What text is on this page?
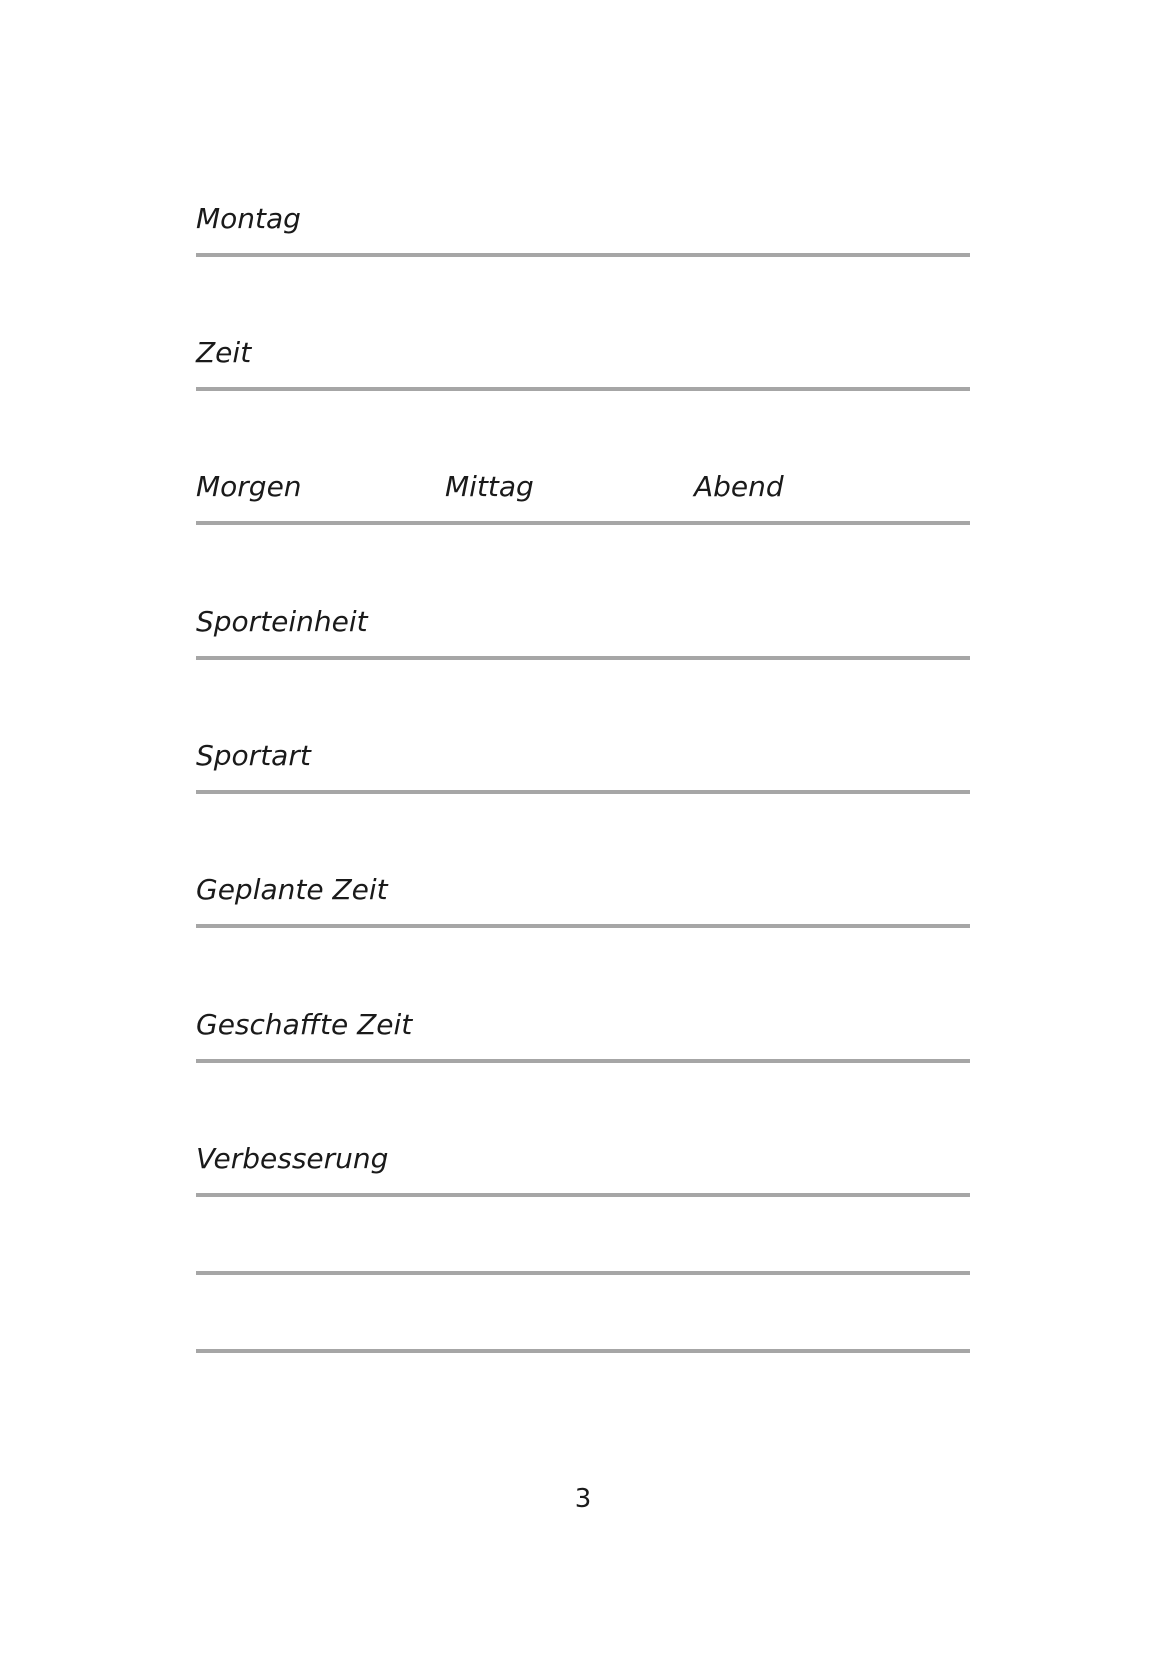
Montag
Zeit
Morgen	Mittag	Abend
Sporteinheit
Sportart
Geplante Zeit
Geschaffte Zeit
Verbesserung
3
